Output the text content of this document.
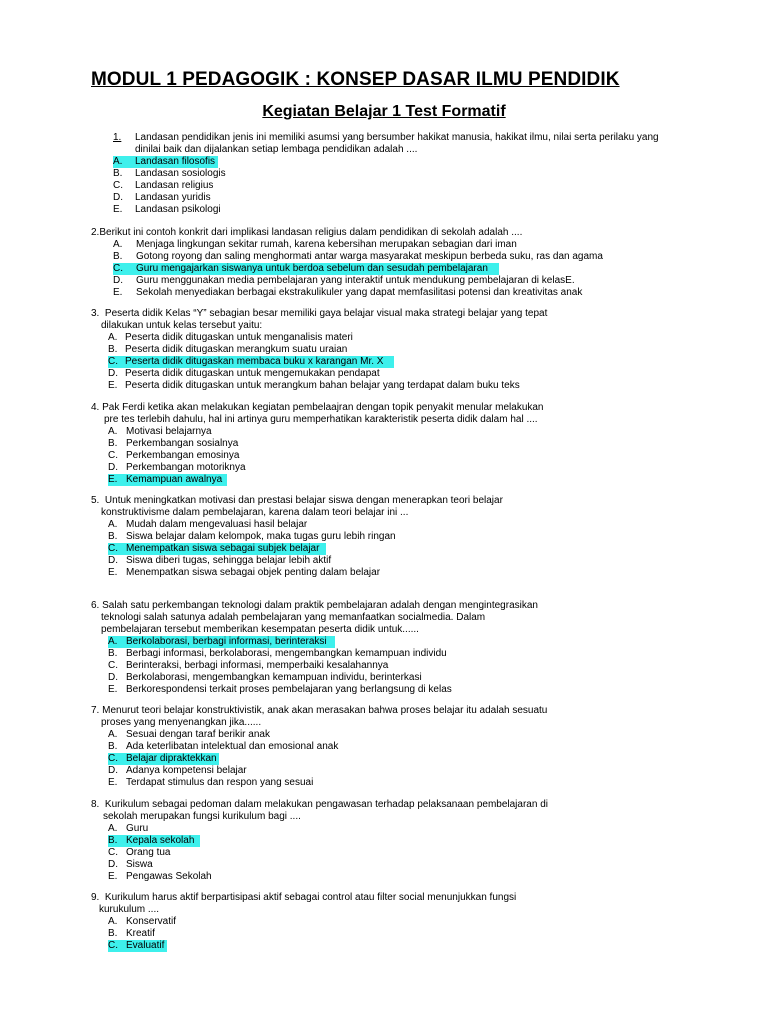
MODUL 1 PEDAGOGIK : KONSEP DASAR ILMU PENDIDIK
Kegiatan Belajar 1 Test Formatif
1. Landasan pendidikan jenis ini memiliki asumsi yang bersumber hakikat manusia, hakikat ilmu, nilai serta perilaku yang
dinilai baik dan dijalankan setiap lembaga pendidikan adalah ....
A. Landasan filosofis
B. Landasan sosiologis
C. Landasan religius
D. Landasan yuridis
E. Landasan psikologi
2.Berikut ini contoh konkrit dari implikasi landasan religius dalam pendidikan di sekolah adalah ....
A. Menjaga lingkungan sekitar rumah, karena kebersihan merupakan sebagian dari iman
B. Gotong royong dan saling menghormati antar warga masyarakat meskipun berbeda suku, ras dan agama
C. Guru mengajarkan siswanya untuk berdoa sebelum dan sesudah pembelajaran
D. Guru menggunakan media pembelajaran yang interaktif untuk mendukung pembelajaran di kelasE.
E. Sekolah menyediakan berbagai ekstrakulikuler yang dapat memfasilitasi potensi dan kreativitas anak
3. Peserta didik Kelas “Y” sebagian besar memiliki gaya belajar visual maka strategi belajar yang tepat
dilakukan untuk kelas tersebut yaitu:
A. Peserta didik ditugaskan untuk menganalisis materi
B. Peserta didik ditugaskan merangkum suatu uraian
C. Peserta didik ditugaskan membaca buku x karangan Mr. X
D. Peserta didik ditugaskan untuk mengemukakan pendapat
E. Peserta didik ditugaskan untuk merangkum bahan belajar yang terdapat dalam buku teks
4. Pak Ferdi ketika akan melakukan kegiatan pembelaajran dengan topik penyakit menular melakukan
pre tes terlebih dahulu, hal ini artinya guru memperhatikan karakteristik peserta didik dalam hal ....
A. Motivasi belajarnya
B. Perkembangan sosialnya
C. Perkembangan emosinya
D. Perkembangan motoriknya
E. Kemampuan awalnya
5. Untuk meningkatkan motivasi dan prestasi belajar siswa dengan menerapkan teori belajar
konstruktivisme dalam pembelajaran, karena dalam teori belajar ini ...
A. Mudah dalam mengevaluasi hasil belajar
B. Siswa belajar dalam kelompok, maka tugas guru lebih ringan
C. Menempatkan siswa sebagai subjek belajar
D. Siswa diberi tugas, sehingga belajar lebih aktif
E. Menempatkan siswa sebagai objek penting dalam belajar
6. Salah satu perkembangan teknologi dalam praktik pembelajaran adalah dengan mengintegrasikan
teknologi salah satunya adalah pembelajaran yang memanfaatkan socialmedia. Dalam
pembelajaran tersebut memberikan kesempatan peserta didik untuk......
A. Berkolaborasi, berbagi informasi, berinteraksi
B. Berbagi informasi, berkolaborasi, mengembangkan kemampuan individu
C. Berinteraksi, berbagi informasi, memperbaiki kesalahannya
D. Berkolaborasi, mengembangkan kemampuan individu, berinterkasi
E. Berkorespondensi terkait proses pembelajaran yang berlangsung di kelas
7. Menurut teori belajar konstruktivistik, anak akan merasakan bahwa proses belajar itu adalah sesuatu
proses yang menyenangkan jika......
A. Sesuai dengan taraf berikir anak
B. Ada keterlibatan intelektual dan emosional anak
C. Belajar dipraktekkan
D. Adanya kompetensi belajar
E. Terdapat stimulus dan respon yang sesuai
8. Kurikulum sebagai pedoman dalam melakukan pengawasan terhadap pelaksanaan pembelajaran di
sekolah merupakan fungsi kurikulum bagi ....
A. Guru
B. Kepala sekolah
C. Orang tua
D. Siswa
E. Pengawas Sekolah
9. Kurikulum harus aktif berpartisipasi aktif sebagai control atau filter social menunjukkan fungsi
kurukulum ....
A. Konservatif
B. Kreatif
C. Evaluatif
